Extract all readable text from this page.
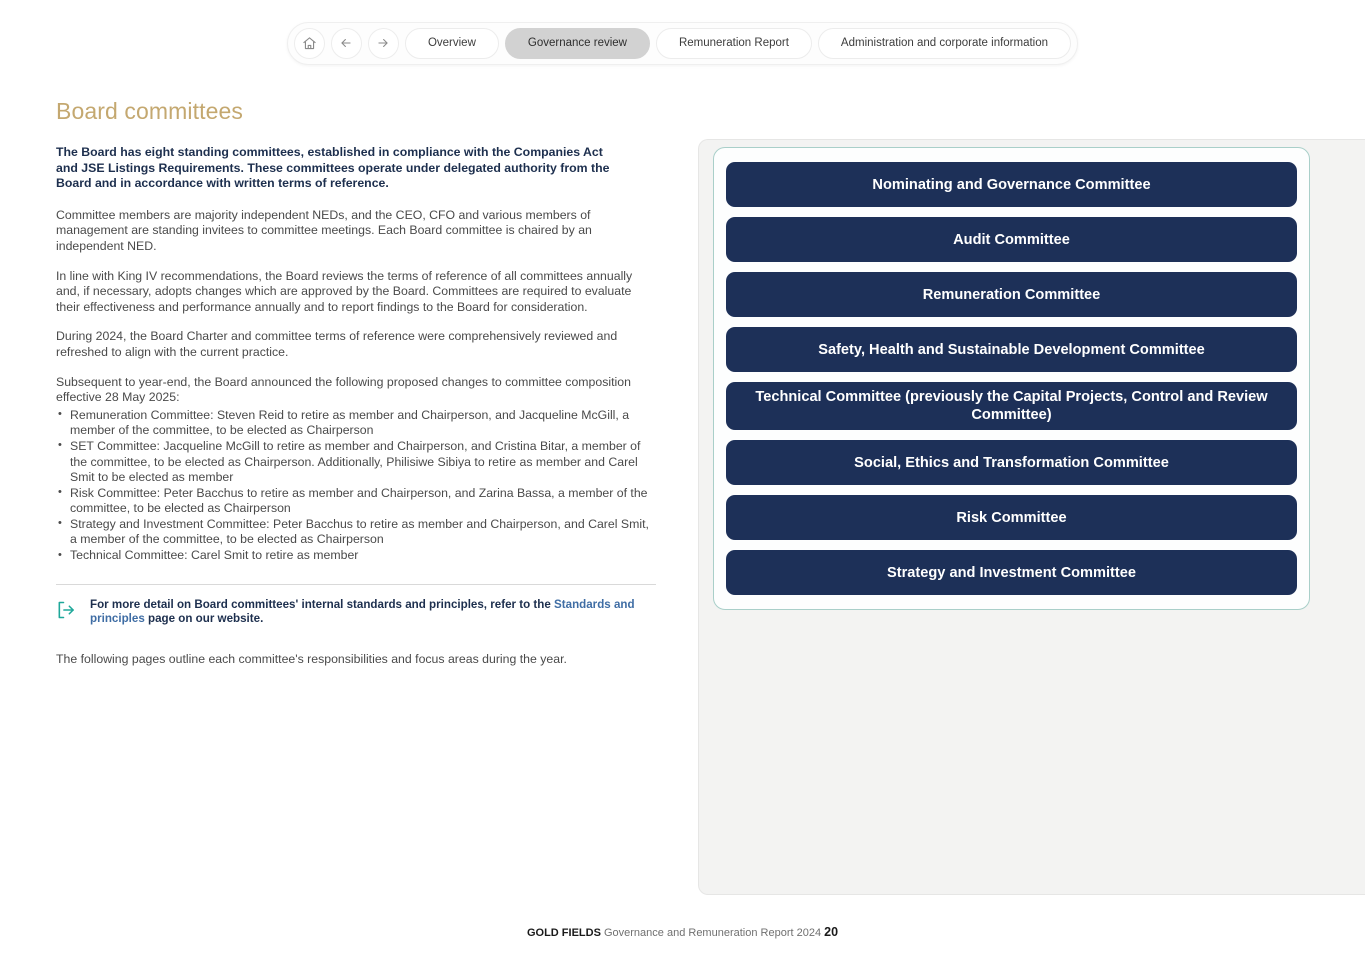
Overview	Governance review	Remuneration Report	Administration and corporate information
Board committees

The Board has eight standing committees, established in compliance with the Companies Act and JSE Listings Requirements. These committees operate under delegated authority from the Board and in accordance with written terms of reference.

Committee members are majority independent NEDs, and the CEO, CFO and various members of management are standing invitees to committee meetings. Each Board committee is chaired by an independent NED.

In line with King IV recommendations, the Board reviews the terms of reference of all committees annually and, if necessary, adopts changes which are approved by the Board. Committees are required to evaluate their effectiveness and performance annually and to report findings to the Board for consideration.

During 2024, the Board Charter and committee terms of reference were comprehensively reviewed and refreshed to align with the current practice.

Subsequent to year-end, the Board announced the following proposed changes to committee composition effective 28 May 2025:

• Remuneration Committee: Steven Reid to retire as member and Chairperson, and Jacqueline McGill, a member of the committee, to be elected as Chairperson
• SET Committee: Jacqueline McGill to retire as member and Chairperson, and Cristina Bitar, a member of the committee, to be elected as Chairperson. Additionally, Philisiwe Sibiya to retire as member and Carel Smit to be elected as member
• Risk Committee: Peter Bacchus to retire as member and Chairperson, and Zarina Bassa, a member of the committee, to be elected as Chairperson
• Strategy and Investment Committee: Peter Bacchus to retire as member and Chairperson, and Carel Smit, a member of the committee, to be elected as Chairperson
• Technical Committee: Carel Smit to retire as member
For more detail on Board committees' internal standards and principles, refer to the Standards and principles page on our website.

The following pages outline each committee's responsibilities and focus areas during the year.

Nominating and Governance Committee
Audit Committee
Remuneration Committee
Safety, Health and Sustainable Development Committee
Technical Committee (previously the Capital Projects, Control and Review Committee)
Social, Ethics and Transformation Committee
Risk Committee
Strategy and Investment Committee
GOLD FIELDS Governance and Remuneration Report 2024 20
